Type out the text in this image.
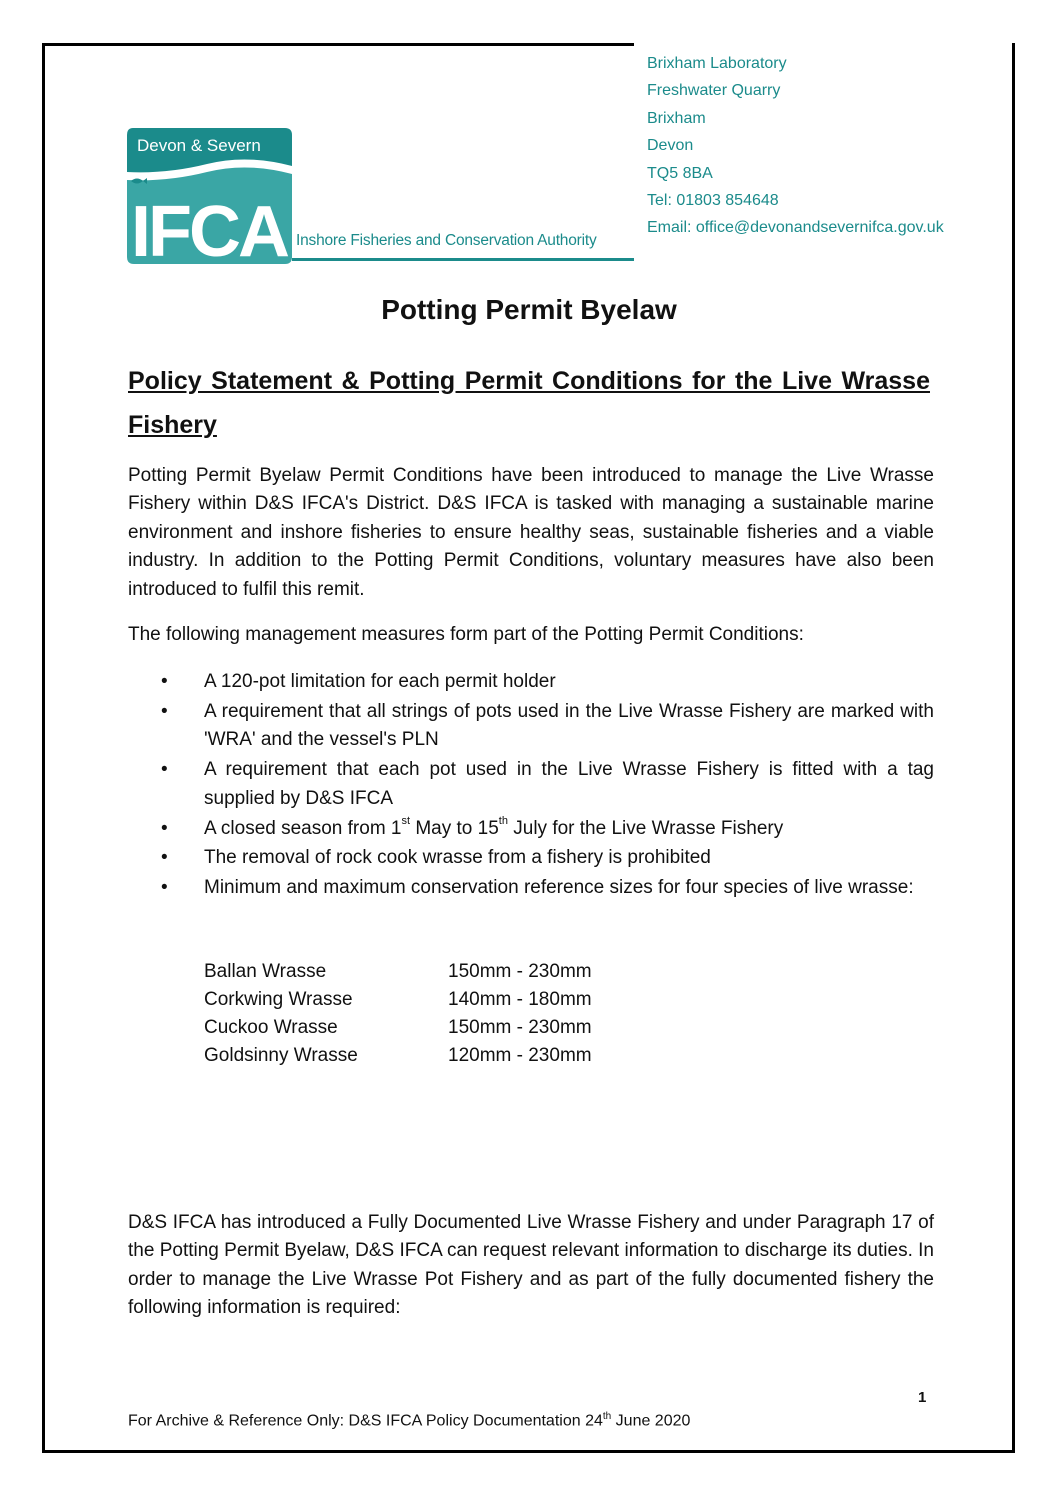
Brixham Laboratory
Freshwater Quarry
Brixham
Devon
TQ5 8BA
Tel: 01803 854648
Email: office@devonandsevernifca.gov.uk
Devon & Severn
IFCA Inshore Fisheries and Conservation Authority
Potting Permit Byelaw
Policy Statement & Potting Permit Conditions for the Live Wrasse Fishery
Potting Permit Byelaw Permit Conditions have been introduced to manage the Live Wrasse Fishery within D&S IFCA's District. D&S IFCA is tasked with managing a sustainable marine environment and inshore fisheries to ensure healthy seas, sustainable fisheries and a viable industry. In addition to the Potting Permit Conditions, voluntary measures have also been introduced to fulfil this remit.
The following management measures form part of the Potting Permit Conditions:
• A 120-pot limitation for each permit holder
• A requirement that all strings of pots used in the Live Wrasse Fishery are marked with 'WRA' and the vessel's PLN
• A requirement that each pot used in the Live Wrasse Fishery is fitted with a tag supplied by D&S IFCA
• A closed season from 1st May to 15th July for the Live Wrasse Fishery
• The removal of rock cook wrasse from a fishery is prohibited
• Minimum and maximum conservation reference sizes for four species of live wrasse:
Ballan Wrasse	150mm - 230mm
Corkwing Wrasse	140mm - 180mm
Cuckoo Wrasse	150mm - 230mm
Goldsinny Wrasse	120mm - 230mm
D&S IFCA has introduced a Fully Documented Live Wrasse Fishery and under Paragraph 17 of the Potting Permit Byelaw, D&S IFCA can request relevant information to discharge its duties. In order to manage the Live Wrasse Pot Fishery and as part of the fully documented fishery the following information is required:
1
For Archive & Reference Only: D&S IFCA Policy Documentation 24th June 2020
